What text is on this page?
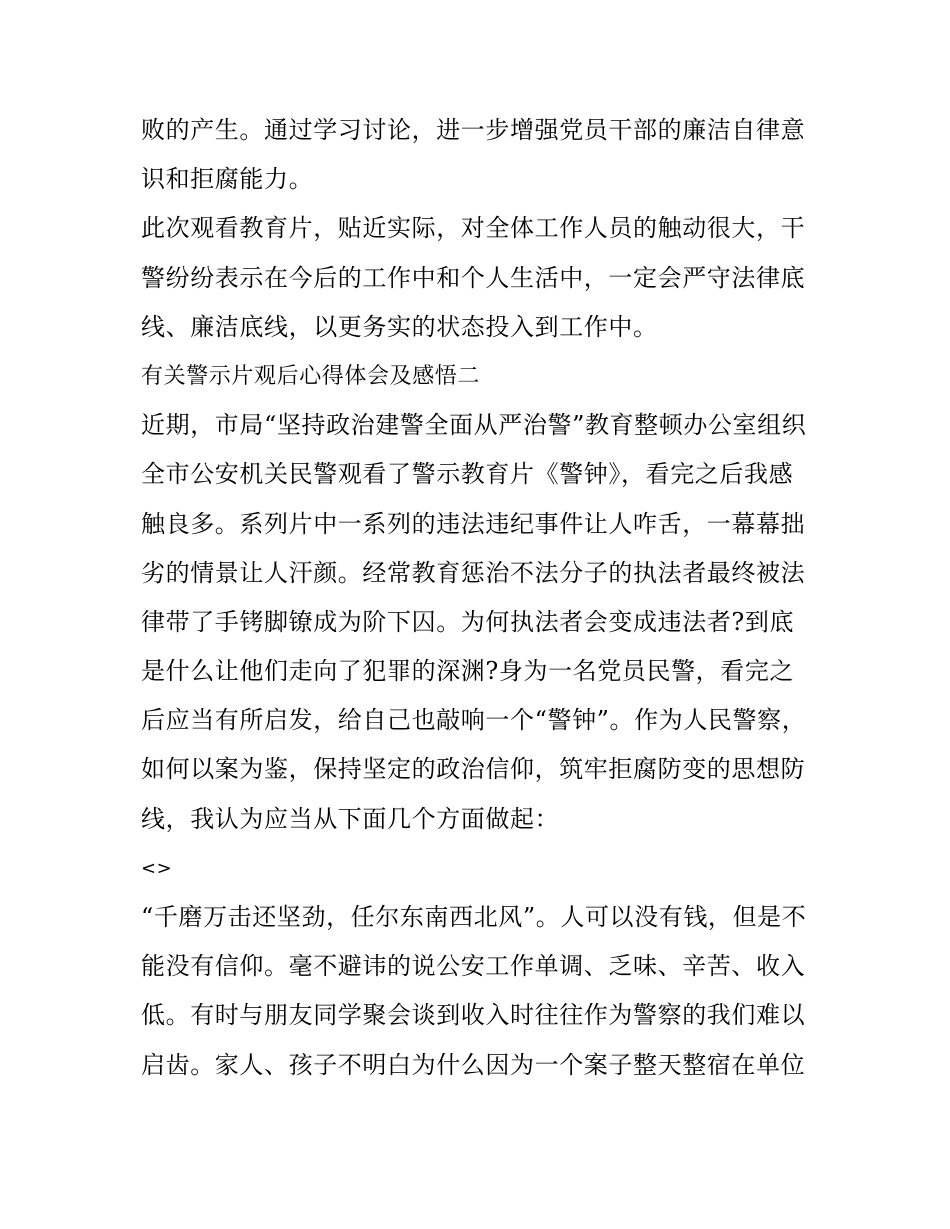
败的产生。通过学习讨论，进一步增强党员干部的廉洁自律意
识和拒腐能力。
此次观看教育片，贴近实际，对全体工作人员的触动很大，干
警纷纷表示在今后的工作中和个人生活中，一定会严守法律底
线、廉洁底线，以更务实的状态投入到工作中。
有关警示片观后心得体会及感悟二
近期，市局“坚持政治建警全面从严治警”教育整顿办公室组织
全市公安机关民警观看了警示教育片《警钟》，看完之后我感
触良多。系列片中一系列的违法违纪事件让人咋舌，一幕幕拙
劣的情景让人汗颜。经常教育惩治不法分子的执法者最终被法
律带了手铐脚镣成为阶下囚。为何执法者会变成违法者?到底
是什么让他们走向了犯罪的深渊?身为一名党员民警，看完之
后应当有所启发，给自己也敲响一个“警钟”。作为人民警察，
如何以案为鉴，保持坚定的政治信仰，筑牢拒腐防变的思想防
线，我认为应当从下面几个方面做起：
<>
“千磨万击还坚劲，任尔东南西北风”。人可以没有钱，但是不
能没有信仰。毫不避讳的说公安工作单调、乏味、辛苦、收入
低。有时与朋友同学聚会谈到收入时往往作为警察的我们难以
启齿。家人、孩子不明白为什么因为一个案子整天整宿在单位
